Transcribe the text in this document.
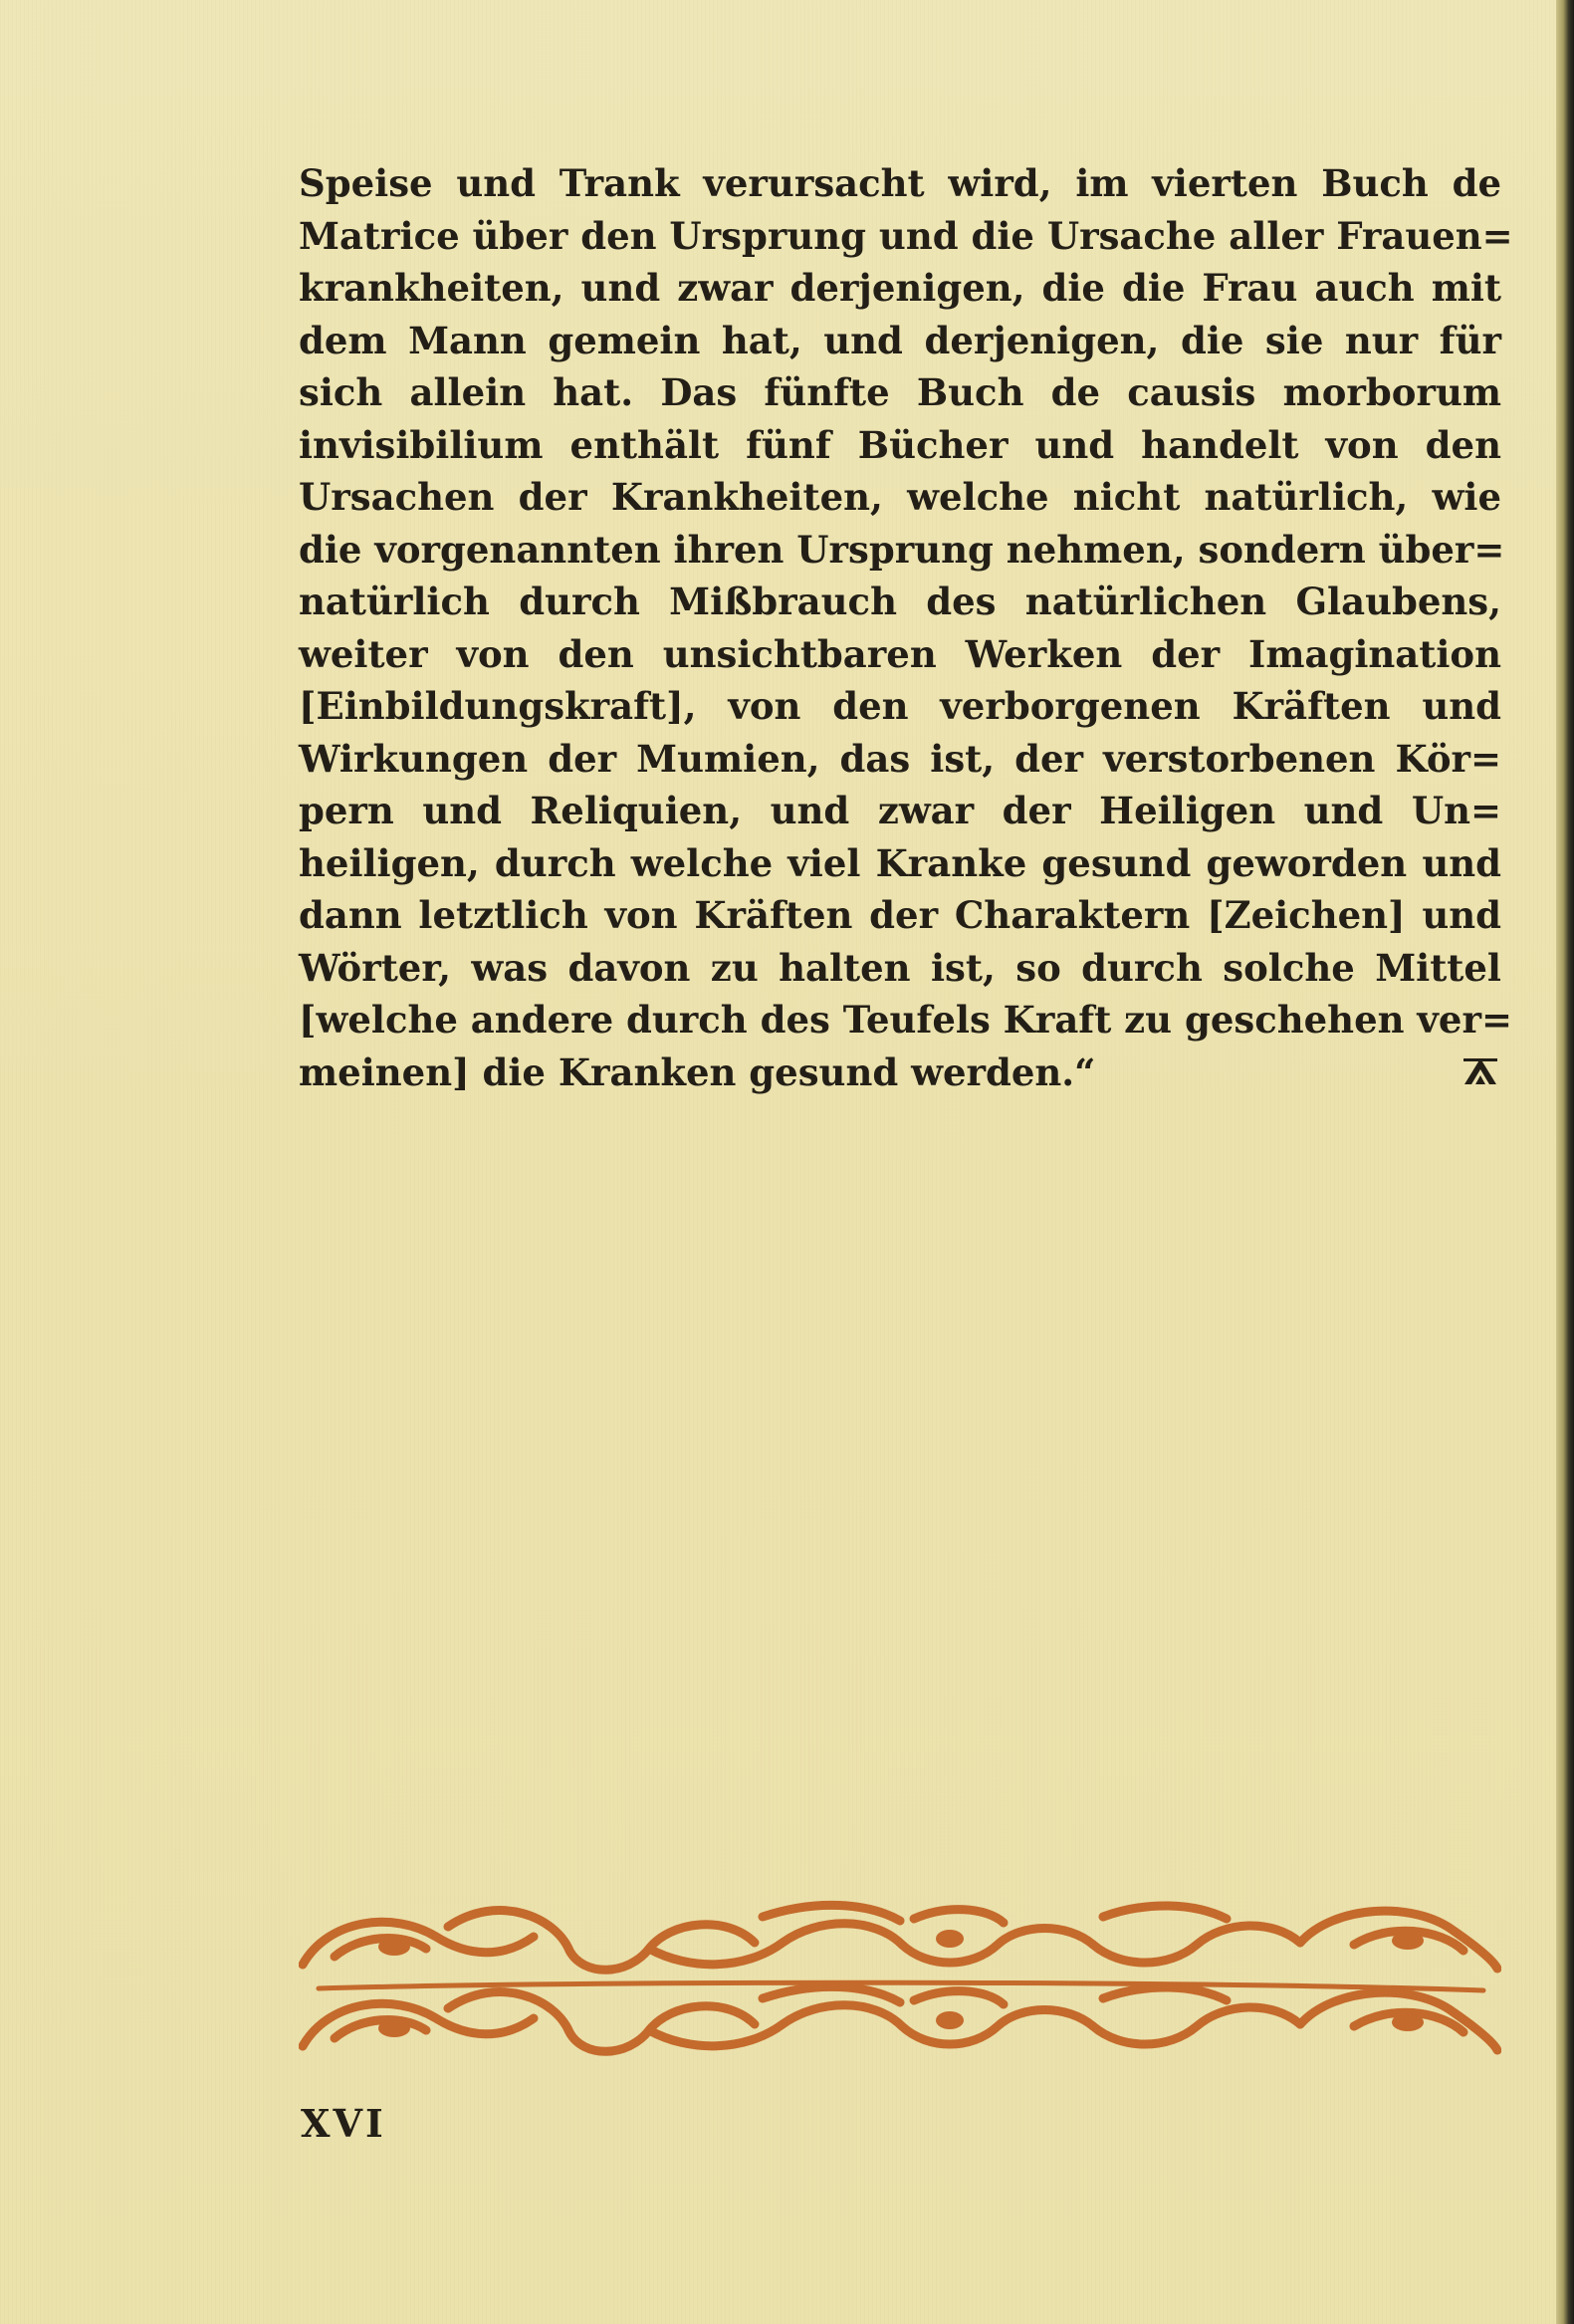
Speise und Trank verursacht wird, im vierten Buch de
Matrice über den Ursprung und die Ursache aller Frauen=
krankheiten, und zwar derjenigen, die die Frau auch mit
dem Mann gemein hat, und derjenigen, die sie nur für
sich allein hat. Das fünfte Buch de causis morborum
invisibilium enthält fünf Bücher und handelt von den
Ursachen der Krankheiten, welche nicht natürlich, wie
die vorgenannten ihren Ursprung nehmen, sondern über=
natürlich durch Mißbrauch des natürlichen Glaubens,
weiter von den unsichtbaren Werken der Imagination
[Einbildungskraft], von den verborgenen Kräften und
Wirkungen der Mumien, das ist, der verstorbenen Kör=
pern und Reliquien, und zwar der Heiligen und Un=
heiligen, durch welche viel Kranke gesund geworden und
dann letztlich von Kräften der Charaktern [Zeichen] und
Wörter, was davon zu halten ist, so durch solche Mittel
[welche andere durch des Teufels Kraft zu geschehen ver=
meinen] die Kranken gesund werden.“
XVI
